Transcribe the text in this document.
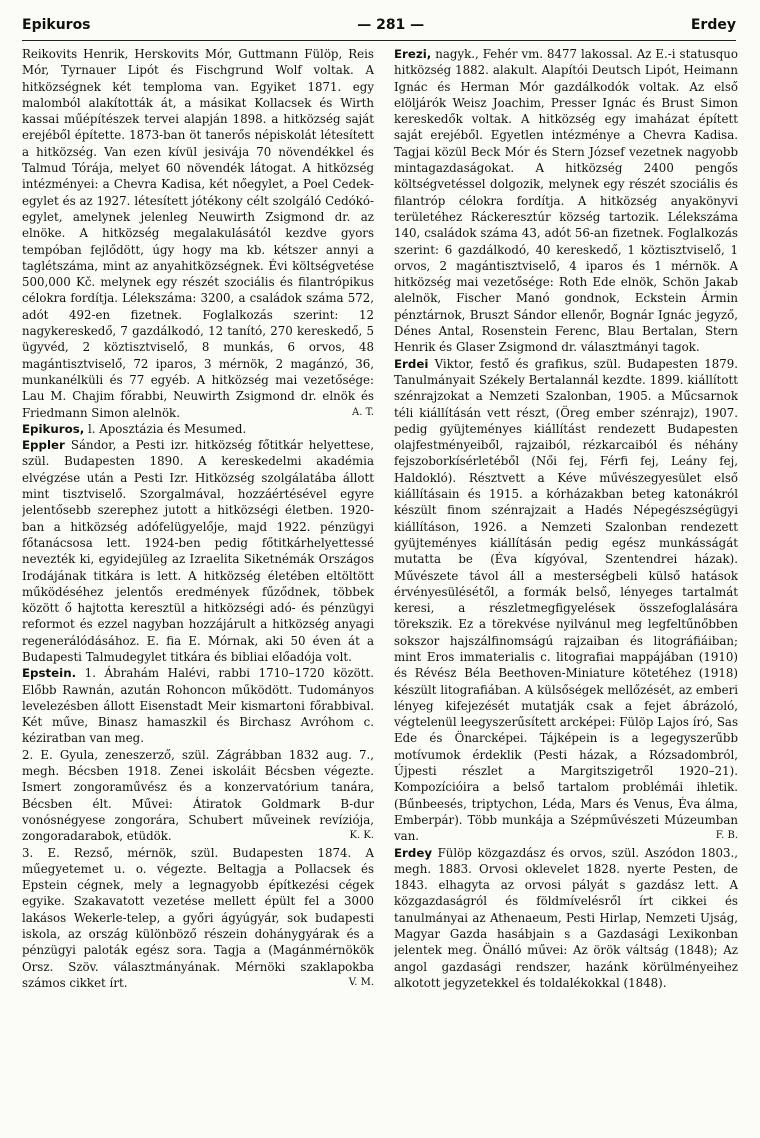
Epikuros	— 281 —	Erdey

Reikovits Henrik, Herskovits Mór, Guttmann Fülöp, Reis Mór, Tyrnauer Lipót és Fischgrund Wolf voltak. A hitközségnek két temploma van. Egyiket 1871. egy malomból alakították át, a másikat Kollacsek és Wirth kassai műépítészek tervei alapján 1898. a hitközség saját erejéből építette. 1873-ban öt tanerős népiskolát létesített a hitközség. Van ezen kívül jesivája 70 növendékkel és Talmud Tórája, melyet 60 növendék látogat. A hitközség intézményei: a Chevra Kadisa, két nőegylet, a Poel Cedek-egylet és az 1927. létesített jótékony célt szolgáló Cedókó-egylet, amelynek jelenleg Neuwirth Zsigmond dr. az elnöke. A hitközség megalakulásától kezdve gyors tempóban fejlődött, úgy hogy ma kb. kétszer annyi a taglétszáma, mint az anyahitközségnek. Évi költségvetése 500,000 Kč. melynek egy részét szociális és filantrópikus célokra fordítja. Lélekszáma: 3200, a családok száma 572, adót 492-en fizetnek. Foglalkozás szerint: 12 nagykereskedő, 7 gazdálkodó, 12 tanító, 270 kereskedő, 5 ügyvéd, 2 köztisztviselő, 8 munkás, 6 orvos, 48 magántisztviselő, 72 iparos, 3 mérnök, 2 magánzó, 36, munkanélküli és 77 egyéb. A hitközség mai vezetősége: Lau M. Chajim főrabbi, Neuwirth Zsigmond dr. elnök és Friedmann Simon alelnök.	A. T.

Epikuros, l. Aposztázia és Mesumed.

Eppler Sándor, a Pesti izr. hitközség főtitkár helyettese, szül. Budapesten 1890. A kereskedelmi akadémia elvégzése után a Pesti Izr. Hitközség szolgálatába állott mint tisztviselő. Szorgalmával, hozzáértésével egyre jelentősebb szerephez jutott a hitközségi életben. 1920-ban a hitközség adófelügyelője, majd 1922. pénzügyi főtanácsosa lett. 1924-ben pedig főtitkárhelyettessé nevezték ki, egyidejüleg az Izraelita Siketnémák Országos Irodájának titkára is lett. A hitközség életében eltöltött működéséhez jelentős eredmények fűződnek, többek között ő hajtotta keresztül a hitközségi adó- és pénzügyi reformot és ezzel nagyban hozzájárult a hitközség anyagi regenerálódásához. E. fia E. Mórnak, aki 50 éven át a Budapesti Talmudegylet titkára és bibliai előadója volt.

Epstein. 1. Ábrahám Halévi, rabbi 1710–1720 között. Előbb Rawnán, azután Rohoncon működött. Tudományos levelezésben állott Eisenstadt Meir kismartoni főrabbival. Két műve, Binasz hamaszkil és Birchasz Avróhom c. kéziratban van meg.

2. E. Gyula, zeneszerző, szül. Zágrábban 1832 aug. 7., megh. Bécsben 1918. Zenei iskoláit Bécsben végezte. Ismert zongoraművész és a konzervatórium tanára, Bécsben élt. Művei: Átiratok Goldmark B-dur vonósnégyese zongorára, Schubert műveinek revíziója, zongoradarabok, etüdök.	K. K.

3. E. Rezső, mérnök, szül. Budapesten 1874. A műegyetemet u. o. végezte. Beltagja a Pollacsek és Epstein cégnek, mely a legnagyobb építkezési cégek egyike. Szakavatott vezetése mellett épült fel a 3000 lakásos Wekerle-telep, a győri ágyúgyár, sok budapesti iskola, az ország különböző részein dohánygyárak és a pénzügyi paloták egész sora. Tagja a (Magánmérnökök Orsz. Szöv. választmányának. Mérnöki szaklapokba számos cikket írt.	V. M.

Erezi, nagyk., Fehér vm. 8477 lakossal. Az E.-i statusquo hitközség 1882. alakult. Alapítói Deutsch Lipót, Heimann Ignác és Herman Mór gazdálkodók voltak. Az első elöljárók Weisz Joachim, Presser Ignác és Brust Simon kereskedők voltak. A hitközség egy imaházat épített saját erejéből. Egyetlen intézménye a Chevra Kadisa. Tagjai közül Beck Mór és Stern József vezetnek nagyobb mintagazdaságokat. A hitközség 2400 pengős költségvetéssel dolgozik, melynek egy részét szociális és filantróp célokra fordítja. A hitközség anyakönyvi területéhez Ráckeresztúr község tartozik. Lélekszáma 140, családok száma 43, adót 56-an fizetnek. Foglalkozás szerint: 6 gazdálkodó, 40 kereskedő, 1 köztisztviselő, 1 orvos, 2 magántisztviselő, 4 iparos és 1 mérnök. A hitközség mai vezetősége: Roth Ede elnök, Schön Jakab alelnök, Fischer Manó gondnok, Eckstein Ármin pénztárnok, Bruszt Sándor ellenőr, Bognár Ignác jegyző, Dénes Antal, Rosenstein Ferenc, Blau Bertalan, Stern Henrik és Glaser Zsigmond dr. választmányi tagok.

Erdei Viktor, festő és grafikus, szül. Budapesten 1879. Tanulmányait Székely Bertalannál kezdte. 1899. kiállított szénrajzokat a Nemzeti Szalonban, 1905. a Műcsarnok téli kiállításán vett részt, (Öreg ember szénrajz), 1907. pedig gyüjteményes kiállítást rendezett Budapesten olajfestményeiből, rajzaiból, rézkarcaiból és néhány fejszoborkísérletéből (Női fej, Férfi fej, Leány fej, Haldokló). Résztvett a Kéve művészegyesület első kiállításain és 1915. a kórházakban beteg katonákról készült finom szénrajzait a Hadés Népegészségügyi kiállításon, 1926. a Nemzeti Szalonban rendezett gyüjteményes kiállításán pedig egész munkásságát mutatta be (Éva kígyóval, Szentendrei házak). Művészete távol áll a mesterségbeli külső hatások érvényesülésétől, a formák belső, lényeges tartalmát keresi, a részletmegfigyelések összefoglalására törekszik. Ez a törekvése nyilvánul meg legfeltűnőbben sokszor hajszálfinomságú rajzaiban és litográfiáiban; mint Eros immaterialis c. litografiai mappájában (1910) és Révész Béla Beethoven-Miniature kötetéhez (1918) készült litografiában. A külsőségek mellőzését, az emberi lényeg kifejezését mutatják csak a fejet ábrázoló, végtelenül leegyszerűsített arcképei: Fülöp Lajos író, Sas Ede és Önarcképei. Tájképein is a legegyszerűbb motívumok érdeklik (Pesti házak, a Rózsadombról, Újpesti részlet a Margitszigetről 1920–21). Kompozícióira a belső tartalom problémái ihletik. (Bűnbeesés, triptychon, Léda, Mars és Venus, Éva álma, Emberpár). Több munkája a Szépművészeti Múzeumban van.	F. B.

Erdey Fülöp közgazdász és orvos, szül. Aszódon 1803., megh. 1883. Orvosi oklevelet 1828. nyerte Pesten, de 1843. elhagyta az orvosi pályát s gazdász lett. A közgazdaságról és földmívelésről írt cikkei és tanulmányai az Athenaeum, Pesti Hirlap, Nemzeti Ujság, Magyar Gazda hasábjain s a Gazdasági Lexikonban jelentek meg. Önálló művei: Az örök váltság (1848); Az angol gazdasági rendszer, hazánk körülményeihez alkotott jegyzetekkel és toldalékokkal (1848).
